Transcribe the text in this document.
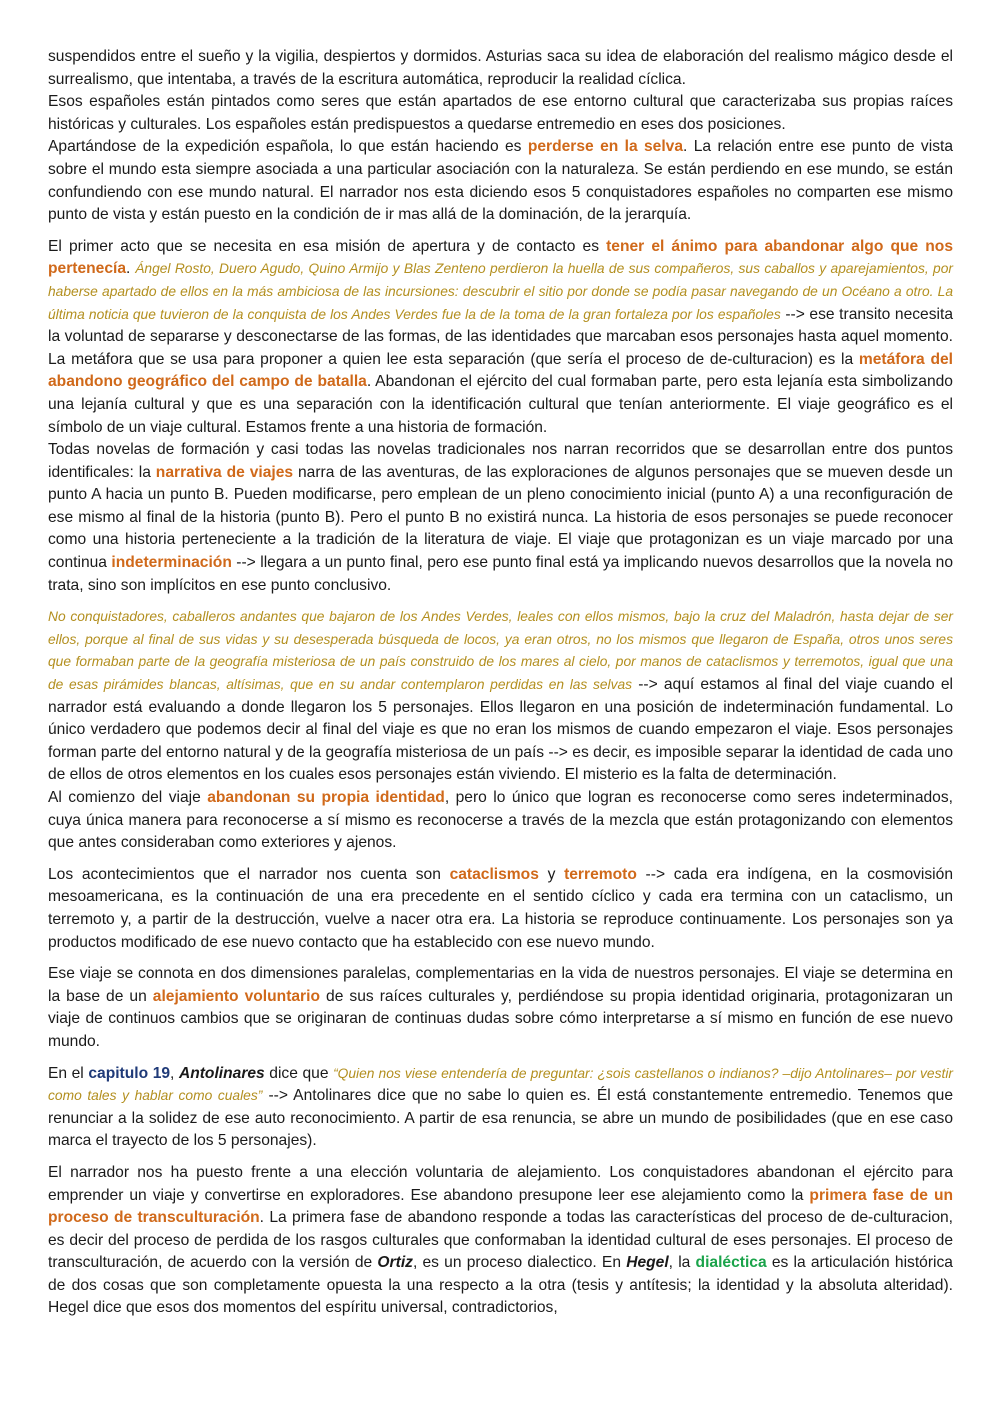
suspendidos entre el sueño y la vigilia, despiertos y dormidos. Asturias saca su idea de elaboración del realismo mágico desde el surrealismo, que intentaba, a través de la escritura automática, reproducir la realidad cíclica.

Esos españoles están pintados como seres que están apartados de ese entorno cultural que caracterizaba sus propias raíces históricas y culturales. Los españoles están predispuestos a quedarse entremedio en eses dos posiciones.

Apartándose de la expedición española, lo que están haciendo es perderse en la selva. La relación entre ese punto de vista sobre el mundo esta siempre asociada a una particular asociación con la naturaleza. Se están perdiendo en ese mundo, se están confundiendo con ese mundo natural. El narrador nos esta diciendo esos 5 conquistadores españoles no comparten ese mismo punto de vista y están puesto en la condición de ir mas allá de la dominación, de la jerarquía.

El primer acto que se necesita en esa misión de apertura y de contacto es tener el ánimo para abandonar algo que nos pertenecía. Ángel Rosto, Duero Agudo, Quino Armijo y Blas Zenteno perdieron la huella de sus compañeros, sus caballos y aparejamientos, por haberse apartado de ellos en la más ambiciosa de las incursiones: descubrir el sitio por donde se podía pasar navegando de un Océano a otro. La última noticia que tuvieron de la conquista de los Andes Verdes fue la de la toma de la gran fortaleza por los españoles --> ese transito necesita la voluntad de separarse y desconectarse de las formas, de las identidades que marcaban esos personajes hasta aquel momento. La metáfora que se usa para proponer a quien lee esta separación (que sería el proceso de de-culturacion) es la metáfora del abandono geográfico del campo de batalla. Abandonan el ejército del cual formaban parte, pero esta lejanía esta simbolizando una lejanía cultural y que es una separación con la identificación cultural que tenían anteriormente. El viaje geográfico es el símbolo de un viaje cultural. Estamos frente a una historia de formación.

Todas novelas de formación y casi todas las novelas tradicionales nos narran recorridos que se desarrollan entre dos puntos identificales: la narrativa de viajes narra de las aventuras, de las exploraciones de algunos personajes que se mueven desde un punto A hacia un punto B. Pueden modificarse, pero emplean de un pleno conocimiento inicial (punto A) a una reconfiguración de ese mismo al final de la historia (punto B). Pero el punto B no existirá nunca. La historia de esos personajes se puede reconocer como una historia perteneciente a la tradición de la literatura de viaje. El viaje que protagonizan es un viaje marcado por una continua indeterminación --> llegara a un punto final, pero ese punto final está ya implicando nuevos desarrollos que la novela no trata, sino son implícitos en ese punto conclusivo.

No conquistadores, caballeros andantes que bajaron de los Andes Verdes, leales con ellos mismos, bajo la cruz del Maladrón, hasta dejar de ser ellos, porque al final de sus vidas y su desesperada búsqueda de locos, ya eran otros, no los mismos que llegaron de España, otros unos seres que formaban parte de la geografía misteriosa de un país construido de los mares al cielo, por manos de cataclismos y terremotos, igual que una de esas pirámides blancas, altísimas, que en su andar contemplaron perdidas en las selvas --> aquí estamos al final del viaje cuando el narrador está evaluando a donde llegaron los 5 personajes. Ellos llegaron en una posición de indeterminación fundamental. Lo único verdadero que podemos decir al final del viaje es que no eran los mismos de cuando empezaron el viaje. Esos personajes forman parte del entorno natural y de la geografía misteriosa de un país --> es decir, es imposible separar la identidad de cada uno de ellos de otros elementos en los cuales esos personajes están viviendo. El misterio es la falta de determinación.

Al comienzo del viaje abandonan su propia identidad, pero lo único que logran es reconocerse como seres indeterminados, cuya única manera para reconocerse a sí mismo es reconocerse a través de la mezcla que están protagonizando con elementos que antes consideraban como exteriores y ajenos.

Los acontecimientos que el narrador nos cuenta son cataclismos y terremoto --> cada era indígena, en la cosmovisión mesoamericana, es la continuación de una era precedente en el sentido cíclico y cada era termina con un cataclismo, un terremoto y, a partir de la destrucción, vuelve a nacer otra era. La historia se reproduce continuamente. Los personajes son ya productos modificado de ese nuevo contacto que ha establecido con ese nuevo mundo.

Ese viaje se connota en dos dimensiones paralelas, complementarias en la vida de nuestros personajes. El viaje se determina en la base de un alejamiento voluntario de sus raíces culturales y, perdiéndose su propia identidad originaria, protagonizaran un viaje de continuos cambios que se originaran de continuas dudas sobre cómo interpretarse a sí mismo en función de ese nuevo mundo.

En el capitulo 19, Antolinares dice que “Quien nos viese entendería de preguntar: ¿sois castellanos o indianos? –dijo Antolinares– por vestir como tales y hablar como cuales” --> Antolinares dice que no sabe lo quien es. Él está constantemente entremedio. Tenemos que renunciar a la solidez de ese auto reconocimiento. A partir de esa renuncia, se abre un mundo de posibilidades (que en ese caso marca el trayecto de los 5 personajes).

El narrador nos ha puesto frente a una elección voluntaria de alejamiento. Los conquistadores abandonan el ejército para emprender un viaje y convertirse en exploradores. Ese abandono presupone leer ese alejamiento como la primera fase de un proceso de transculturación. La primera fase de abandono responde a todas las características del proceso de de-culturacion, es decir del proceso de perdida de los rasgos culturales que conformaban la identidad cultural de eses personajes. El proceso de transculturación, de acuerdo con la versión de Ortiz, es un proceso dialectico. En Hegel, la dialéctica es la articulación histórica de dos cosas que son completamente opuesta la una respecto a la otra (tesis y antítesis; la identidad y la absoluta alteridad). Hegel dice que esos dos momentos del espíritu universal, contradictorios,
